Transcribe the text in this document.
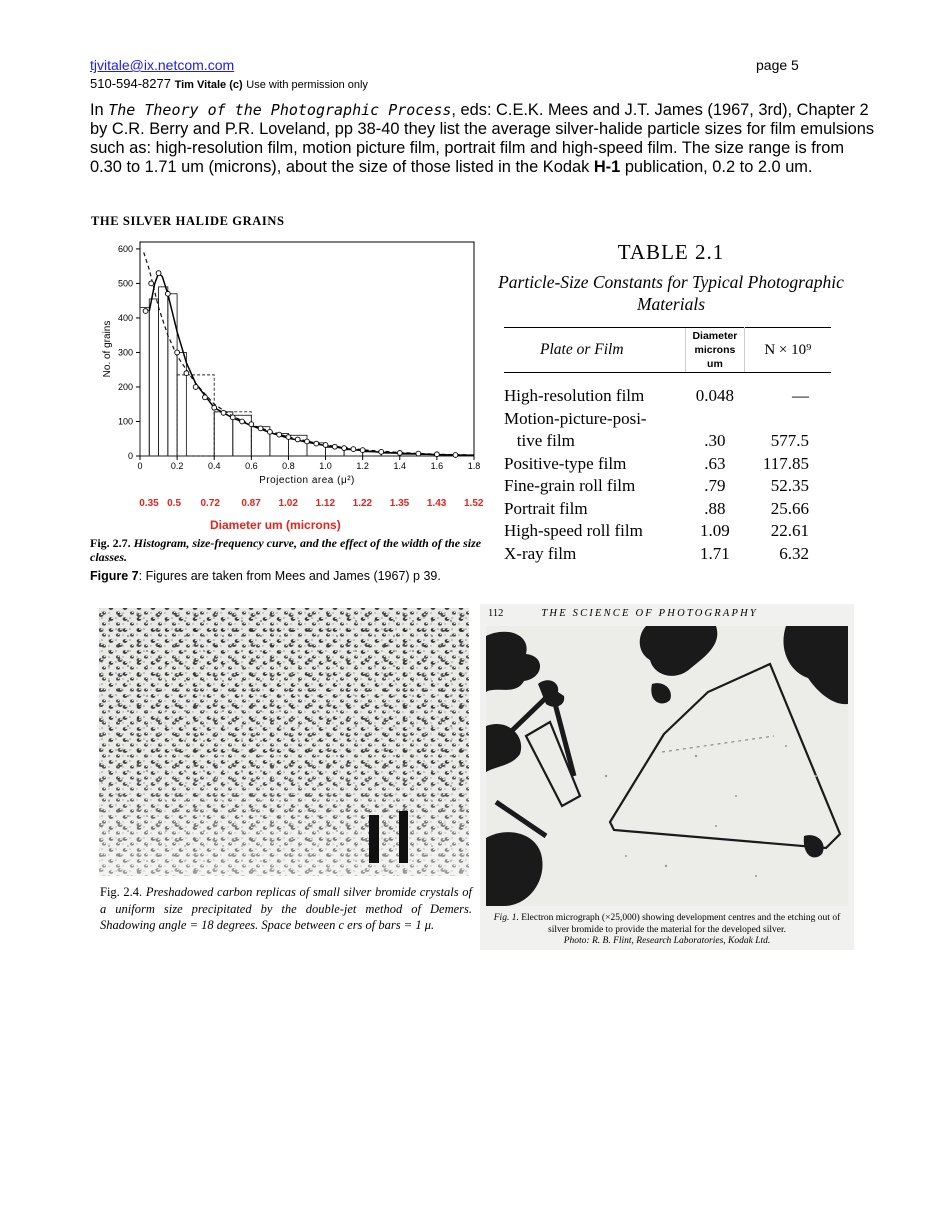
tjvitale@ix.netcom.com	page 5
510-594-8277 Tim Vitale (c) Use with permission only
In The Theory of the Photographic Process, eds: C.E.K. Mees and J.T. James (1967, 3rd), Chapter 2 by C.R. Berry and P.R. Loveland, pp 38-40 they list the average silver-halide particle sizes for film emulsions such as: high-resolution film, motion picture film, portrait film and high-speed film. The size range is from 0.30 to 1.71 um (microns), about the size of those listed in the Kodak H-1 publication, 0.2 to 2.0 um.
THE SILVER HALIDE GRAINS
0
100
200
300
400
500
600
0	0.2	0.4	0.6	0.8	1.0	1.2	1.4	1.6	1.8
Projection area (μ²)
No. of grains
0.35 0.5 0.72 0.87 1.02 1.12 1.22 1.35 1.43 1.52
Diameter um (microns)
Fig. 2.7. Histogram, size-frequency curve, and the effect of the width of the size classes.
Figure 7: Figures are taken from Mees and James (1967) p 39.
TABLE 2.1
Particle-Size Constants for Typical Photographic Materials
Plate or Film	Diameter
microns
um	N × 10⁹
High-resolution film	0.048	—
Motion-picture-posi-		
tive film	.30	577.5
Positive-type film	.63	117.85
Fine-grain roll film	.79	52.35
Portrait film	.88	25.66
High-speed roll film	1.09	22.61
X-ray film	1.71	6.32
Fig. 2.4. Preshadowed carbon replicas of small silver bromide crystals of a uniform size precipitated by the double-jet method of Demers. Shadowing angle = 18 degrees. Space between c ers of bars = 1 μ.
112	THE SCIENCE OF PHOTOGRAPHY
Fig. 1. Electron micrograph (×25,000) showing development centres and the etching out of silver bromide to provide the material for the developed silver.
Photo: R. B. Flint, Research Laboratories, Kodak Ltd.
